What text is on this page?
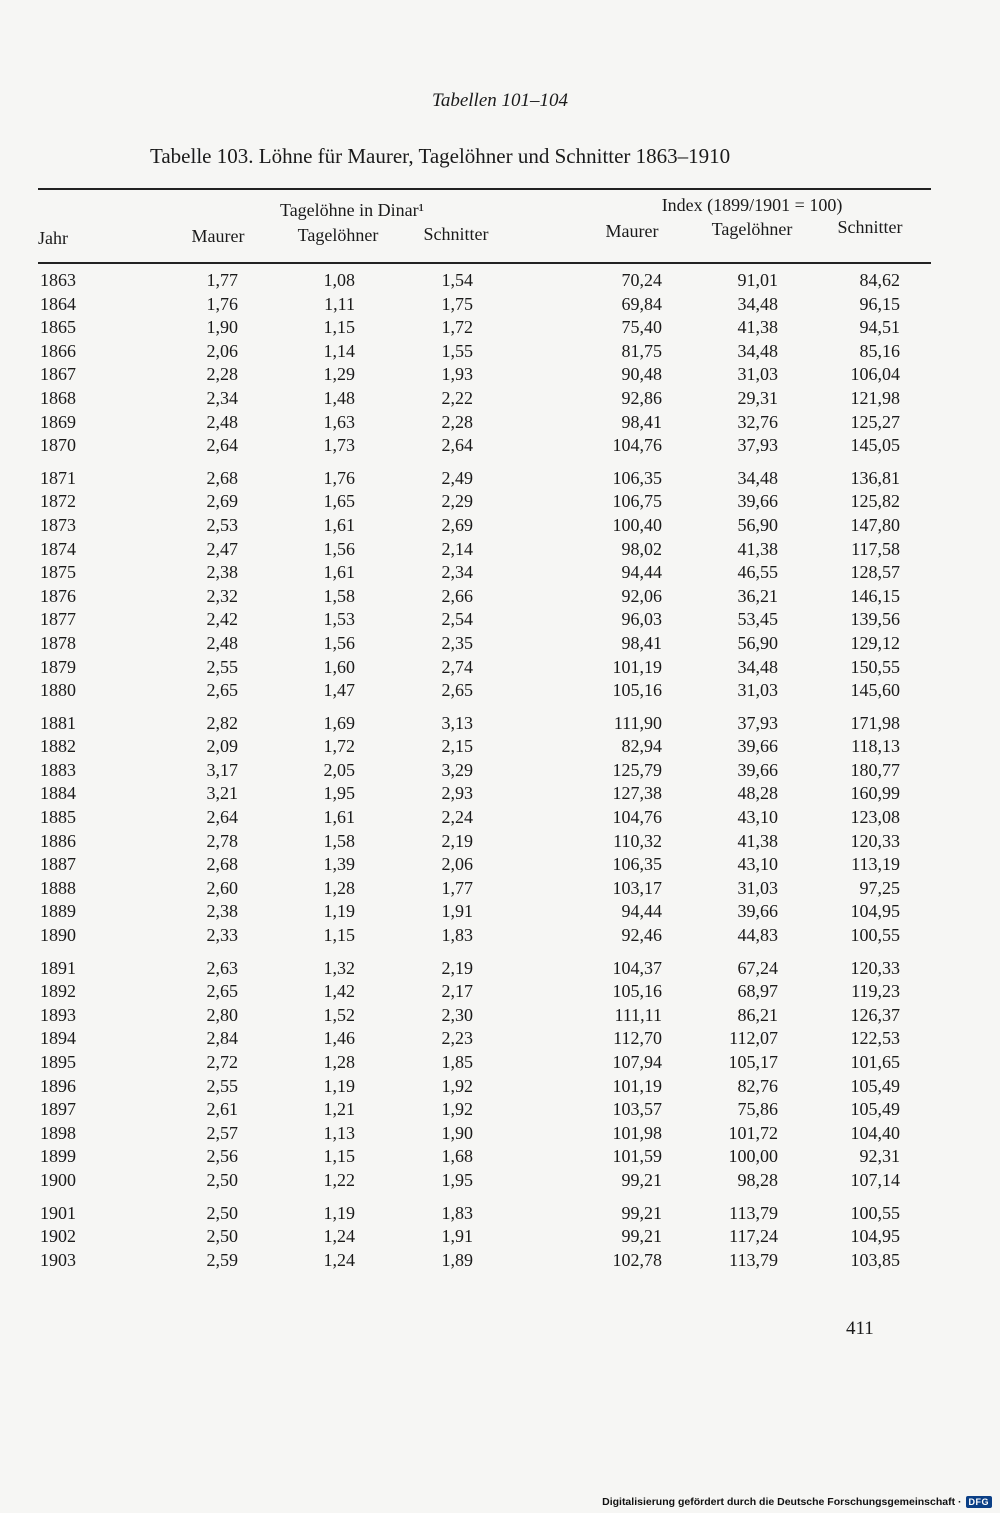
Tabellen 101–104
Tabelle 103. Löhne für Maurer, Tagelöhner und Schnitter 1863–1910
Tagelöhne in Dinar¹	Index (1899/1901 = 100)
Jahr	Maurer	Tagelöhner	Schnitter	Maurer	Tagelöhner	Schnitter
1863	1,77	1,08	1,54	70,24	91,01	84,62
1864	1,76	1,11	1,75	69,84	34,48	96,15
1865	1,90	1,15	1,72	75,40	41,38	94,51
1866	2,06	1,14	1,55	81,75	34,48	85,16
1867	2,28	1,29	1,93	90,48	31,03	106,04
1868	2,34	1,48	2,22	92,86	29,31	121,98
1869	2,48	1,63	2,28	98,41	32,76	125,27
1870	2,64	1,73	2,64	104,76	37,93	145,05
1871	2,68	1,76	2,49	106,35	34,48	136,81
1872	2,69	1,65	2,29	106,75	39,66	125,82
1873	2,53	1,61	2,69	100,40	56,90	147,80
1874	2,47	1,56	2,14	98,02	41,38	117,58
1875	2,38	1,61	2,34	94,44	46,55	128,57
1876	2,32	1,58	2,66	92,06	36,21	146,15
1877	2,42	1,53	2,54	96,03	53,45	139,56
1878	2,48	1,56	2,35	98,41	56,90	129,12
1879	2,55	1,60	2,74	101,19	34,48	150,55
1880	2,65	1,47	2,65	105,16	31,03	145,60
1881	2,82	1,69	3,13	111,90	37,93	171,98
1882	2,09	1,72	2,15	82,94	39,66	118,13
1883	3,17	2,05	3,29	125,79	39,66	180,77
1884	3,21	1,95	2,93	127,38	48,28	160,99
1885	2,64	1,61	2,24	104,76	43,10	123,08
1886	2,78	1,58	2,19	110,32	41,38	120,33
1887	2,68	1,39	2,06	106,35	43,10	113,19
1888	2,60	1,28	1,77	103,17	31,03	97,25
1889	2,38	1,19	1,91	94,44	39,66	104,95
1890	2,33	1,15	1,83	92,46	44,83	100,55
1891	2,63	1,32	2,19	104,37	67,24	120,33
1892	2,65	1,42	2,17	105,16	68,97	119,23
1893	2,80	1,52	2,30	111,11	86,21	126,37
1894	2,84	1,46	2,23	112,70	112,07	122,53
1895	2,72	1,28	1,85	107,94	105,17	101,65
1896	2,55	1,19	1,92	101,19	82,76	105,49
1897	2,61	1,21	1,92	103,57	75,86	105,49
1898	2,57	1,13	1,90	101,98	101,72	104,40
1899	2,56	1,15	1,68	101,59	100,00	92,31
1900	2,50	1,22	1,95	99,21	98,28	107,14
1901	2,50	1,19	1,83	99,21	113,79	100,55
1902	2,50	1,24	1,91	99,21	117,24	104,95
1903	2,59	1,24	1,89	102,78	113,79	103,85
411
Digitalisierung gefördert durch die Deutsche Forschungsgemeinschaft · DFG
